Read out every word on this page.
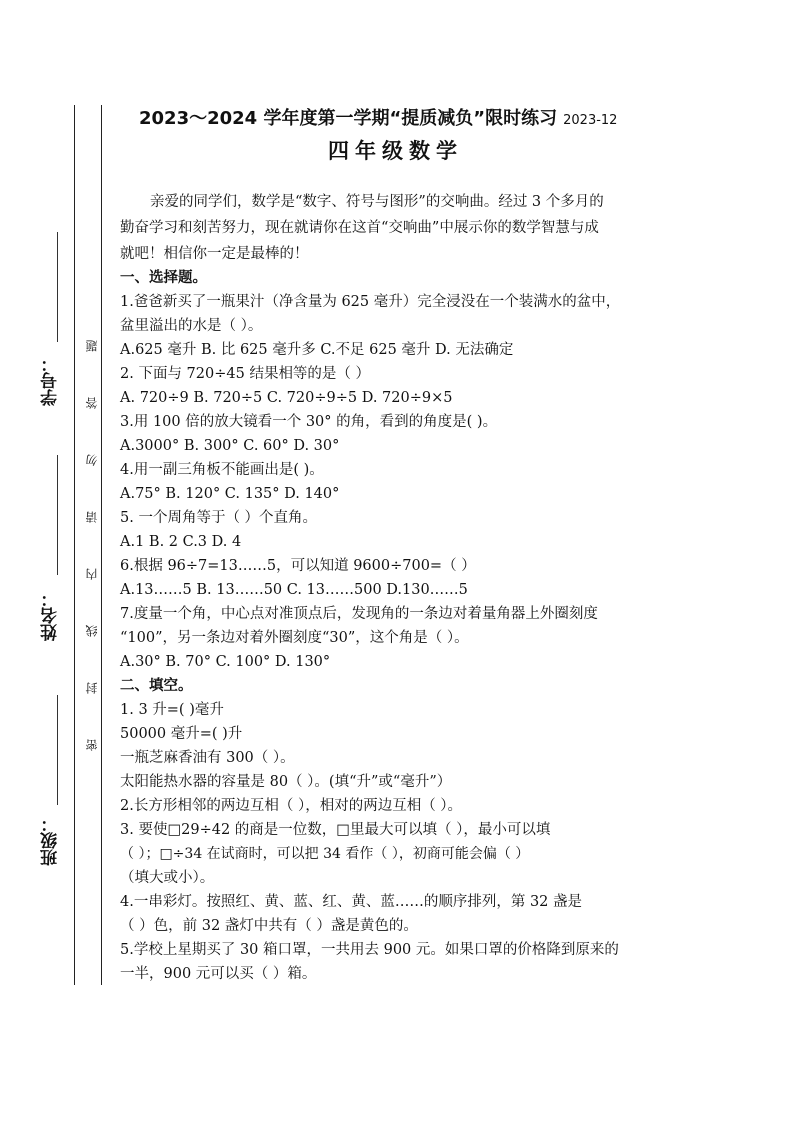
学号：
姓名：
班级：
题
答
勿
请
内
线
封
密
2023～2024 学年度第一学期“提质减负”限时练习 2023-12
四年级数学
亲爱的同学们，数学是“数字、符号与图形”的交响曲。经过 3 个多月的
勤奋学习和刻苦努力，现在就请你在这首“交响曲”中展示你的数学智慧与成
就吧！相信你一定是最棒的！
一、选择题。
1.爸爸新买了一瓶果汁（净含量为 625 毫升）完全浸没在一个装满水的盆中，
盆里溢出的水是（ ）。
A.625 毫升 B. 比 625 毫升多 C.不足 625 毫升 D. 无法确定
2. 下面与 720÷45 结果相等的是（ ）
A. 720÷9 B. 720÷5 C. 720÷9÷5 D. 720÷9×5
3.用 100 倍的放大镜看一个 30° 的角，看到的角度是( )。
A.3000° B. 300° C. 60° D. 30°
4.用一副三角板不能画出是( )。
A.75° B. 120° C. 135° D. 140°
5. 一个周角等于（ ）个直角。
A.1 B. 2 C.3 D. 4
6.根据 96÷7=13……5，可以知道 9600÷700=（ ）
A.13……5 B. 13……50 C. 13……500 D.130……5
7.度量一个角，中心点对准顶点后，发现角的一条边对着量角器上外圈刻度
“100”，另一条边对着外圈刻度“30”，这个角是（ ）。
A.30° B. 70° C. 100° D. 130°
二、填空。
1. 3 升=( )毫升
50000 毫升=( )升
一瓶芝麻香油有 300（ ）。
太阳能热水器的容量是 80（ ）。(填“升”或“毫升”）
2.长方形相邻的两边互相（ ），相对的两边互相（ ）。
3. 要使□29÷42 的商是一位数，□里最大可以填（ ），最小可以填
（ ）；□÷34 在试商时，可以把 34 看作（ ），初商可能会偏（ ）
（填大或小）。
4.一串彩灯。按照红、黄、蓝、红、黄、蓝……的顺序排列，第 32 盏是
（ ）色，前 32 盏灯中共有（ ）盏是黄色的。
5.学校上星期买了 30 箱口罩，一共用去 900 元。如果口罩的价格降到原来的
一半，900 元可以买（ ）箱。
